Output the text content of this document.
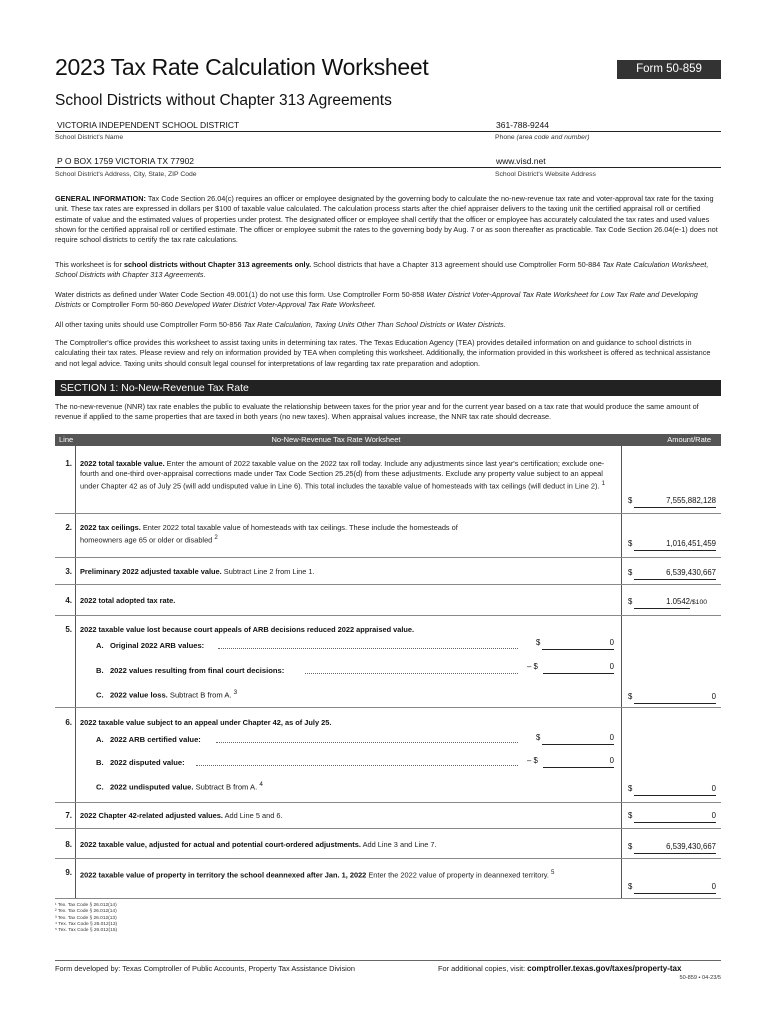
2023 Tax Rate Calculation Worksheet	Form 50-859
School Districts without Chapter 313 Agreements
VICTORIA INDEPENDENT SCHOOL DISTRICT
School District's Name
361-788-9244
Phone (area code and number)
P O BOX 1759 VICTORIA TX 77902
School District's Address, City, State, ZIP Code
www.visd.net
School District's Website Address
GENERAL INFORMATION: Tax Code Section 26.04(c) requires an officer or employee designated by the governing body to calculate the no-new-revenue tax rate and voter-approval tax rate for the taxing unit. These tax rates are expressed in dollars per $100 of taxable value calculated. The calculation process starts after the chief appraiser delivers to the taxing unit the certified appraisal roll or certified estimate of value and the estimated values of properties under protest. The designated officer or employee shall certify that the officer or employee has accurately calculated the tax rates and used values shown for the certified appraisal roll or certified estimate. The officer or employee submit the rates to the governing body by Aug. 7 or as soon thereafter as practicable. Tax Code Section 26.04(e-1) does not require school districts to certify the tax rate calculations.
This worksheet is for school districts without Chapter 313 agreements only. School districts that have a Chapter 313 agreement should use Comptroller Form 50-884 Tax Rate Calculation Worksheet, School Districts with Chapter 313 Agreements.
Water districts as defined under Water Code Section 49.001(1) do not use this form. Use Comptroller Form 50-858 Water District Voter-Approval Tax Rate Worksheet for Low Tax Rate and Developing Districts or Comptroller Form 50-860 Developed Water District Voter-Approval Tax Rate Worksheet.
All other taxing units should use Comptroller Form 50-856 Tax Rate Calculation, Taxing Units Other Than School Districts or Water Districts.
The Comptroller's office provides this worksheet to assist taxing units in determining tax rates. The Texas Education Agency (TEA) provides detailed information on and guidance to school districts in calculating their tax rates. Please review and rely on information provided by TEA when completing this worksheet. Additionally, the information provided in this worksheet is offered as technical assistance and not legal advice. Taxing units should consult legal counsel for interpretations of law regarding tax rate preparation and adoption.
SECTION 1: No-New-Revenue Tax Rate
The no-new-revenue (NNR) tax rate enables the public to evaluate the relationship between taxes for the prior year and for the current year based on a tax rate that would produce the same amount of revenue if applied to the same properties that are taxed in both years (no new taxes). When appraisal values increase, the NNR tax rate should decrease.
Line	No-New-Revenue Tax Rate Worksheet	Amount/Rate
1. 2022 total taxable value. Enter the amount of 2022 taxable value on the 2022 tax roll today. Include any adjustments since last year's certification; exclude one-fourth and one-third over-appraisal corrections made under Tax Code Section 25.25(d) from these adjustments. Exclude any property value subject to an appeal under Chapter 42 as of July 25 (will add undisputed value in Line 6). This total includes the taxable value of homesteads with tax ceilings (will deduct in Line 2). $^1$
$	7,555,882,128
2. 2022 tax ceilings. Enter 2022 total taxable value of homesteads with tax ceilings. These include the homesteads of homeowners age 65 or older or disabled $^2$
$	1,016,451,459
3. Preliminary 2022 adjusted taxable value. Subtract Line 2 from Line 1.	$	6,539,430,667
4. 2022 total adopted tax rate.	$	1.0542 /$100
5. 2022 taxable value lost because court appeals of ARB decisions reduced 2022 appraised value.
A. Original 2022 ARB values:	$	0
B. 2022 values resulting from final court decisions:	– $	0
C. 2022 value loss. Subtract B from A. $^3$	$	0
6. 2022 taxable value subject to an appeal under Chapter 42, as of July 25.
A. 2022 ARB certified value:	$	0
B. 2022 disputed value:	– $	0
C. 2022 undisputed value. Subtract B from A. $^4$	$	0
7. 2022 Chapter 42-related adjusted values. Add Line 5 and 6.	$	0
8. 2022 taxable value, adjusted for actual and potential court-ordered adjustments. Add Line 3 and Line 7.	$	6,539,430,667
9. 2022 taxable value of property in territory the school deannexed after Jan. 1, 2022 Enter the 2022 value of property in deannexed territory. $^5$
$	0
¹ Tex. Tax Code § 26.012(14)
² Tex. Tax Code § 26.012(14)
³ Tex. Tax Code § 26.012(13)
⁴ Tex. Tax Code § 26.012(13)
⁵ Tex. Tax Code § 26.012(15)
Form developed by: Texas Comptroller of Public Accounts, Property Tax Assistance Division	For additional copies, visit: comptroller.texas.gov/taxes/property-tax
50-859 • 04-23/5
